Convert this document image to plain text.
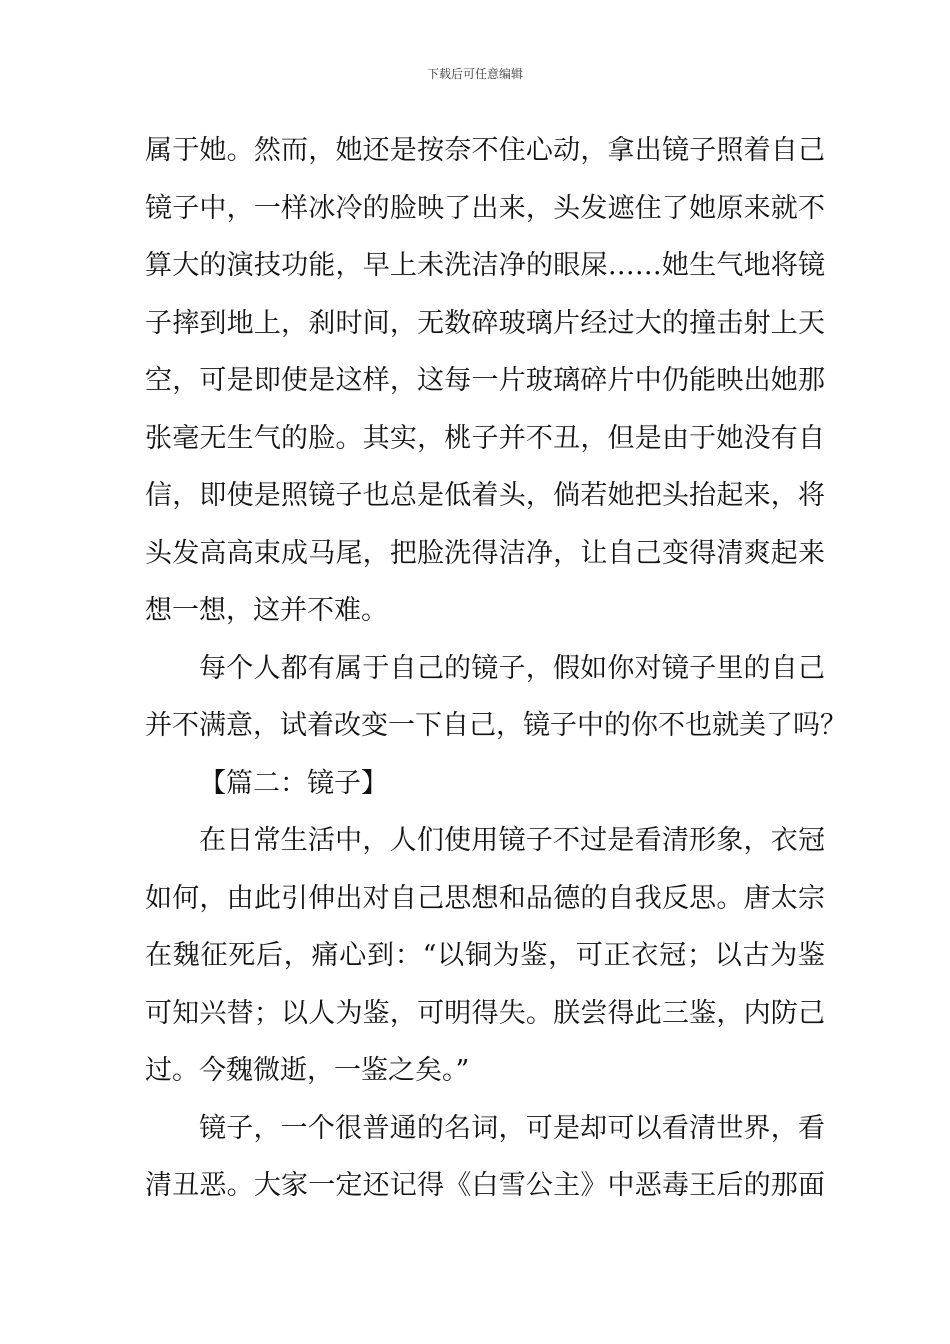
下载后可任意编辑
属于她。然而，她还是按奈不住心动，拿出镜子照着自己
镜子中，一样冰冷的脸映了出来，头发遮住了她原来就不
算大的演技功能，早上未洗洁净的眼屎……她生气地将镜
子摔到地上，刹时间，无数碎玻璃片经过大的撞击射上天
空，可是即使是这样，这每一片玻璃碎片中仍能映出她那
张毫无生气的脸。其实，桃子并不丑，但是由于她没有自
信，即使是照镜子也总是低着头，倘若她把头抬起来，将
头发高高束成马尾，把脸洗得洁净，让自己变得清爽起来
想一想，这并不难。
每个人都有属于自己的镜子，假如你对镜子里的自己
并不满意，试着改变一下自己，镜子中的你不也就美了吗？
【篇二：镜子】
在日常生活中，人们使用镜子不过是看清形象，衣冠
如何，由此引伸出对自己思想和品德的自我反思。唐太宗
在魏征死后，痛心到：“以铜为鉴，可正衣冠；以古为鉴
可知兴替；以人为鉴，可明得失。朕尝得此三鉴，内防己
过。今魏微逝，一鉴之矣。”
镜子，一个很普通的名词，可是却可以看清世界，看
清丑恶。大家一定还记得《白雪公主》中恶毒王后的那面
